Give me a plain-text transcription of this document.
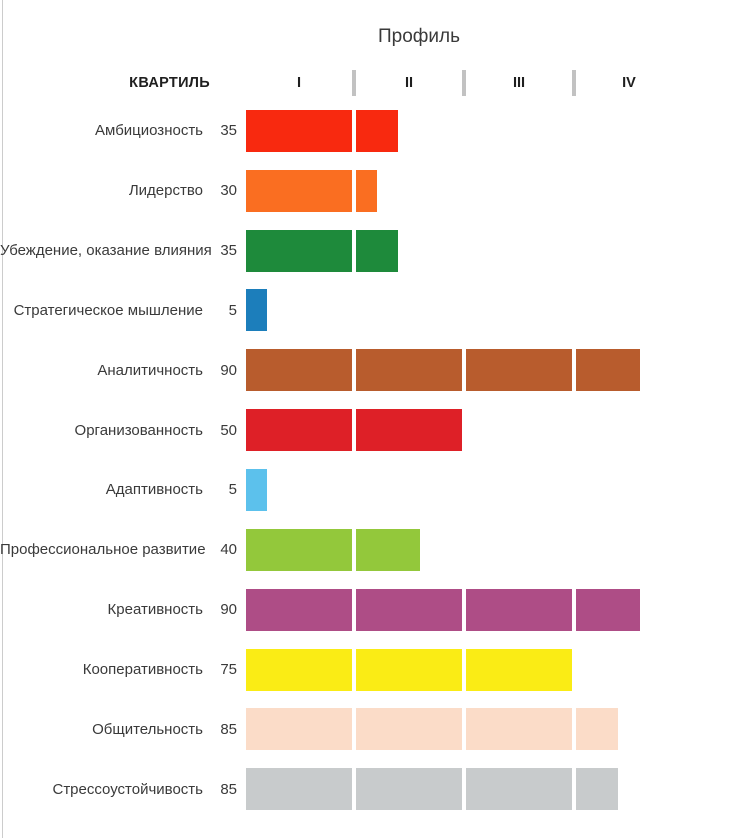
Профиль
КВАРТИЛЬ	I	II	III	IV
Амбициозность	35
Лидерство	30
Убеждение, оказание влияния 35
Стратегическое мышление	5
Аналитичность	90
Организованность	50
Адаптивность	5
Профессиональное развитие 40
Креативность	90
Кооперативность	75
Общительность	85
Стрессоустойчивость	85
